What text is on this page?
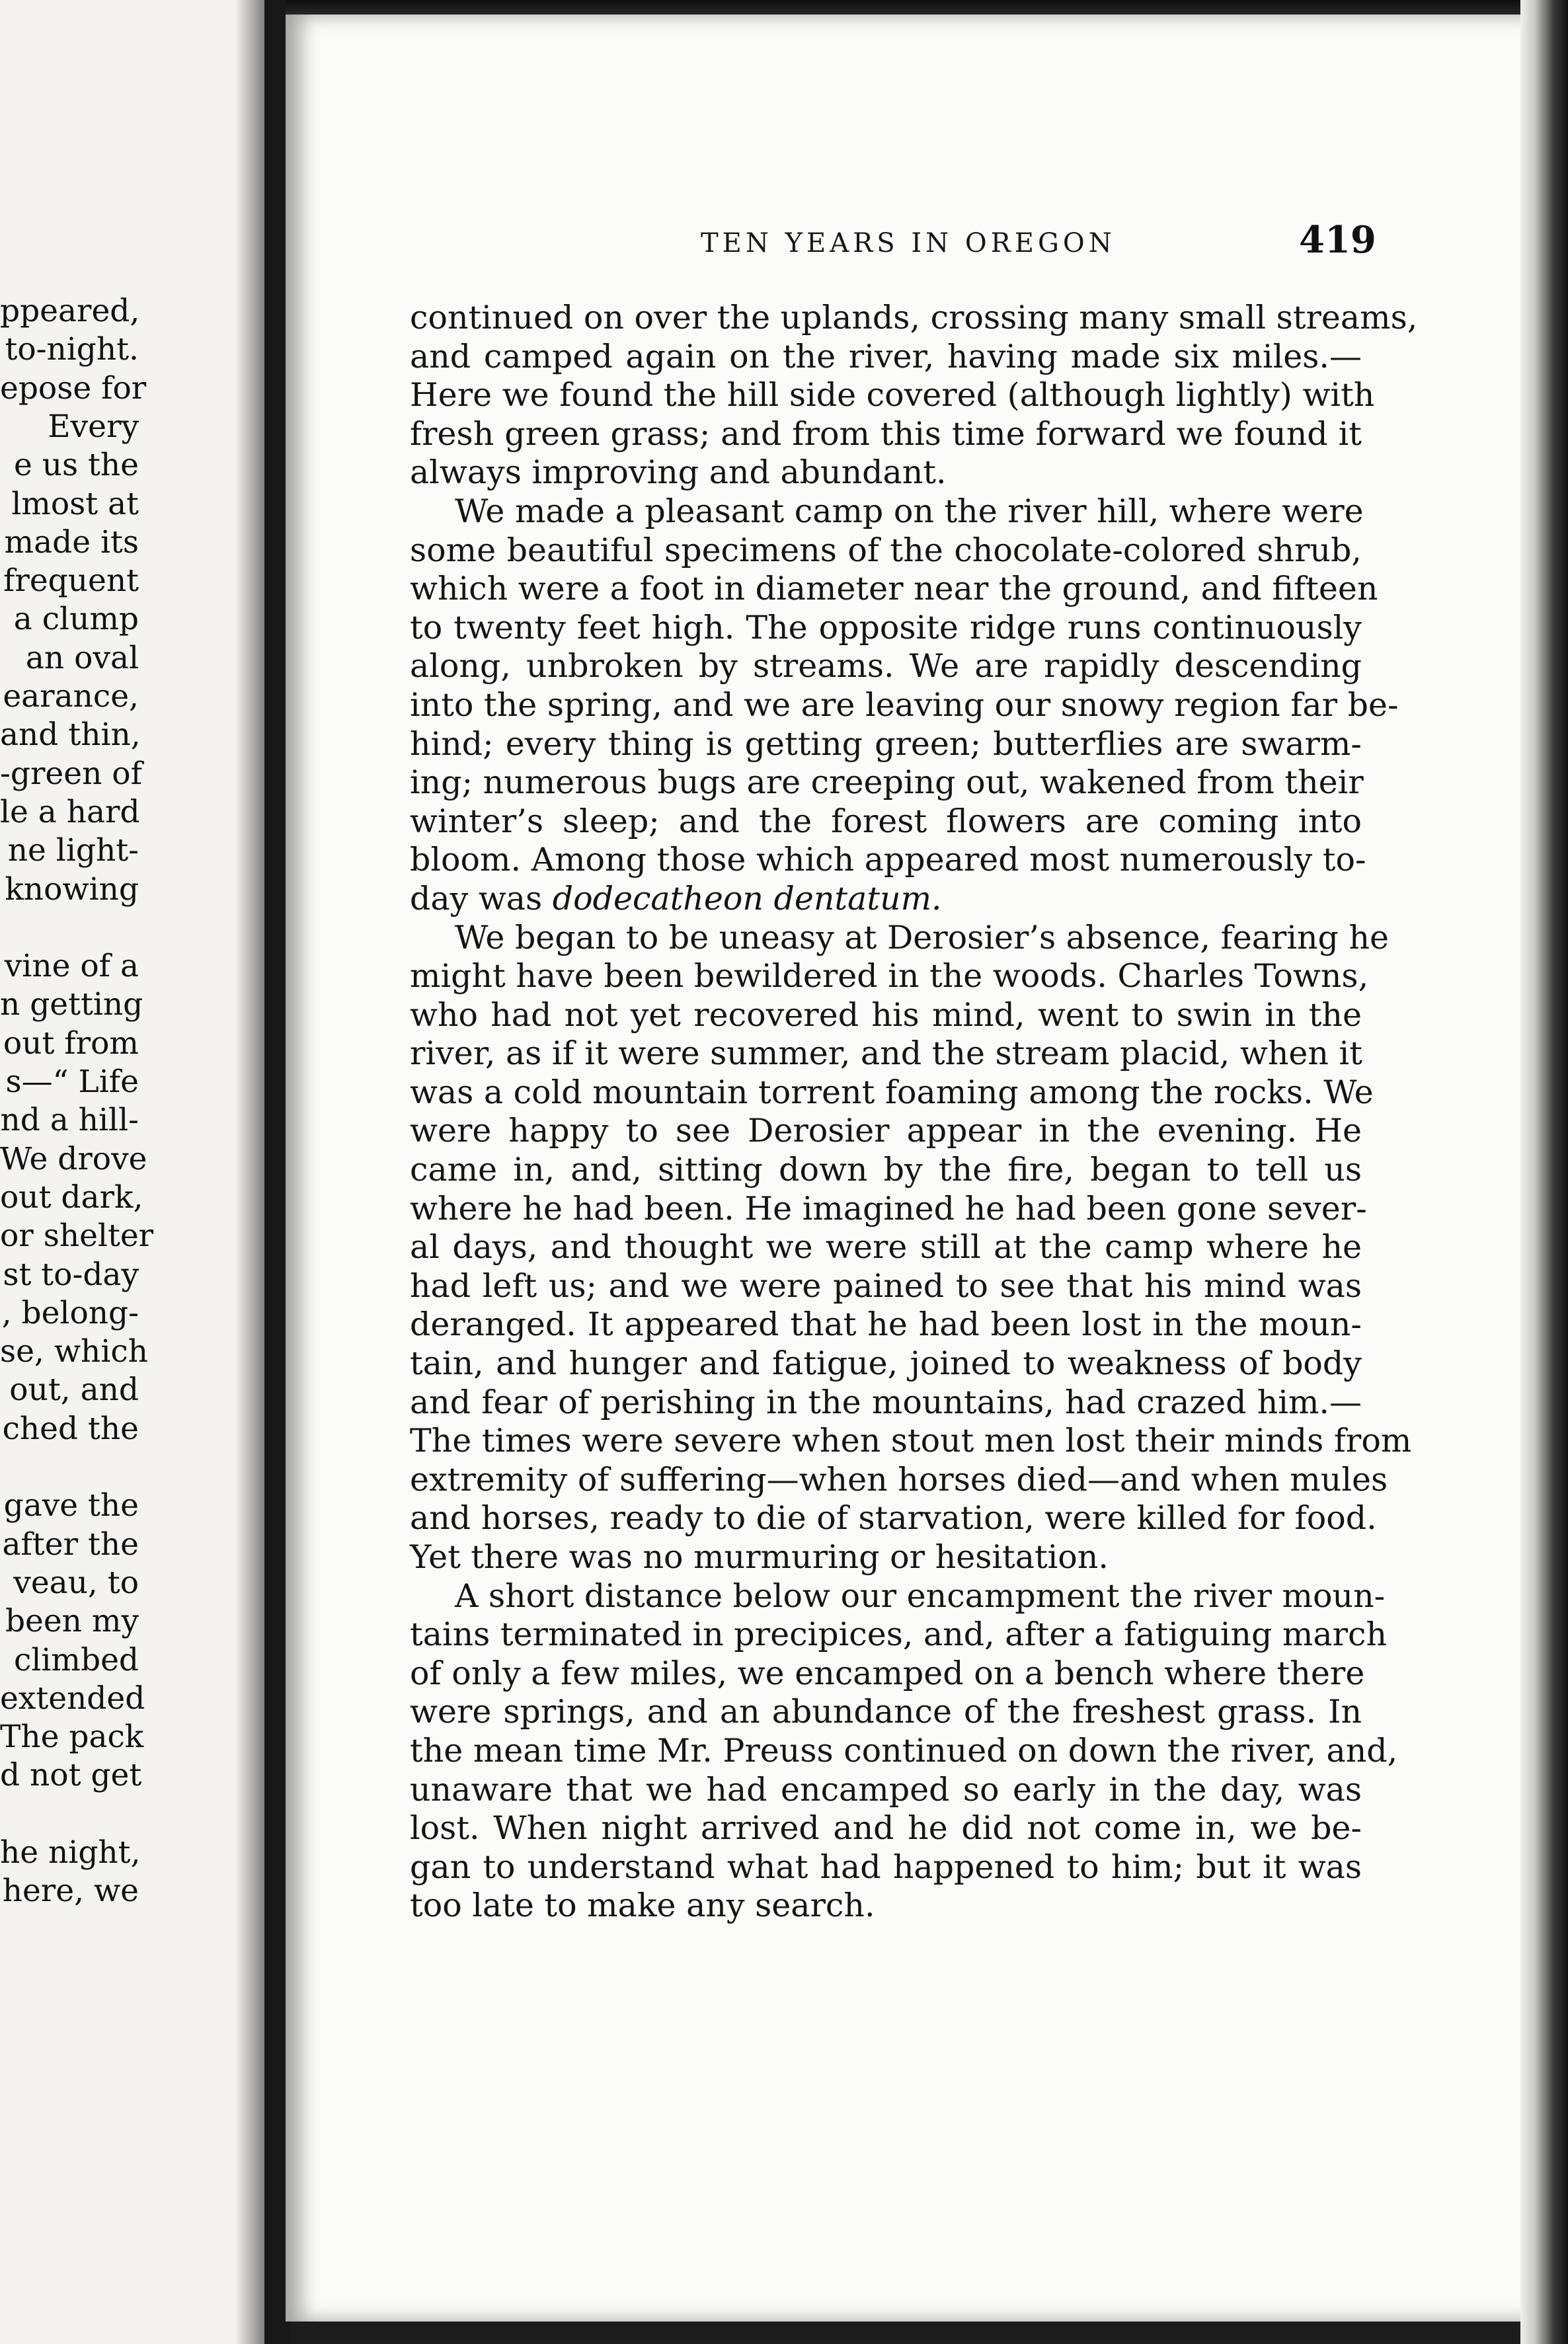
ppeared,
to-night.
epose for
Every
e us the
lmost at
made its
frequent
a clump
an oval
earance,
and thin,
-green of
le a hard
ne light-
knowing
vine of a
n getting
out from
s—“ Life
nd a hill-
We drove
out dark,
or shelter
st to-day
, belong-
se, which
out, and
ched the
gave the
after the
veau, to
been my
climbed
extended
The pack
d not get
he night,
here, we
TEN YEARS IN OREGON	419
continued on over the uplands, crossing many small streams,
and camped again on the river, having made six miles.—
Here we found the hill side covered (although lightly) with
fresh green grass; and from this time forward we found it
always improving and abundant.
We made a pleasant camp on the river hill, where were
some beautiful specimens of the chocolate-colored shrub,
which were a foot in diameter near the ground, and fifteen
to twenty feet high. The opposite ridge runs continuously
along, unbroken by streams. We are rapidly descending
into the spring, and we are leaving our snowy region far be-
hind; every thing is getting green; butterflies are swarm-
ing; numerous bugs are creeping out, wakened from their
winter’s sleep; and the forest flowers are coming into
bloom. Among those which appeared most numerously to-
day was dodecatheon dentatum.
We began to be uneasy at Derosier’s absence, fearing he
might have been bewildered in the woods. Charles Towns,
who had not yet recovered his mind, went to swin in the
river, as if it were summer, and the stream placid, when it
was a cold mountain torrent foaming among the rocks. We
were happy to see Derosier appear in the evening. He
came in, and, sitting down by the fire, began to tell us
where he had been. He imagined he had been gone sever-
al days, and thought we were still at the camp where he
had left us; and we were pained to see that his mind was
deranged. It appeared that he had been lost in the moun-
tain, and hunger and fatigue, joined to weakness of body
and fear of perishing in the mountains, had crazed him.—
The times were severe when stout men lost their minds from
extremity of suffering—when horses died—and when mules
and horses, ready to die of starvation, were killed for food.
Yet there was no murmuring or hesitation.
A short distance below our encampment the river moun-
tains terminated in precipices, and, after a fatiguing march
of only a few miles, we encamped on a bench where there
were springs, and an abundance of the freshest grass. In
the mean time Mr. Preuss continued on down the river, and,
unaware that we had encamped so early in the day, was
lost. When night arrived and he did not come in, we be-
gan to understand what had happened to him; but it was
too late to make any search.
